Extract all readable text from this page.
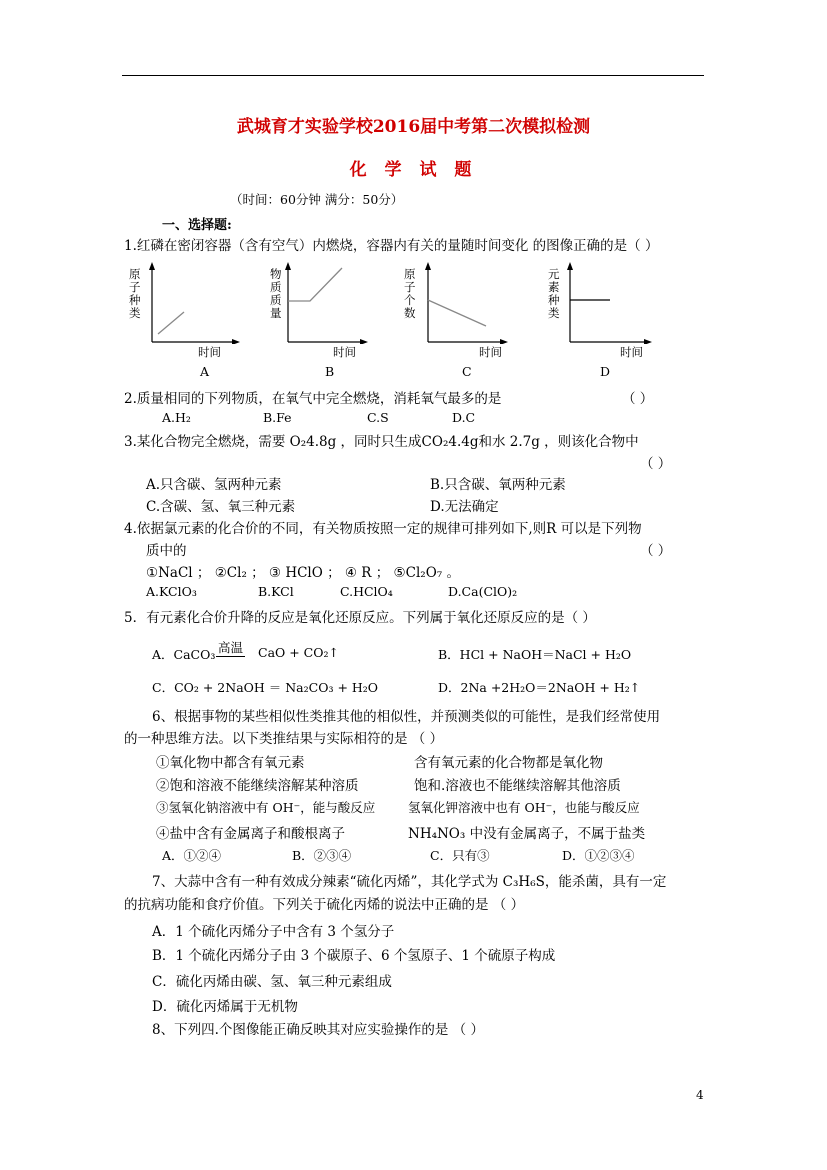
武城育才实验学校2016届中考第二次模拟检测
化 学 试 题
（时间：60分钟 满分：50分）
一、选择题:
1.红磷在密闭容器（含有空气）内燃烧，容器内有关的量随时间变化 的图像正确的是（ ）
原
子
种
类
时间
A
物
质
质
量
时间
B
原
子
个
数
时间
C
元
素
种
类
时间
D
2.质量相同的下列物质，在氧气中完全燃烧，消耗氧气最多的是	（ ）
A.H₂	B.Fe	C.S	D.C
3.某化合物完全燃烧，需要 O₂4.8g ，同时只生成CO₂4.4g和水 2.7g ，则该化合物中
（ ）
A.只含碳、氢两种元素	B.只含碳、氧两种元素
C.含碳、氢、氧三种元素	D.无法确定
4.依据氯元素的化合价的不同，有关物质按照一定的规律可排列如下,则R 可以是下列物
质中的	（ ）
①NaCl ； ②Cl₂ ； ③ HClO ； ④ R ； ⑤Cl₂O₇ 。
A.KClO₃	B.KCl	C.HClO₄	D.Ca(ClO)₂
5．有元素化合价升降的反应是氧化还原反应。下列属于氧化还原反应的是（ ）
A．CaCO₃ 高温 CaO + CO₂↑	B．HCl + NaOH＝NaCl + H₂O
C．CO₂ + 2NaOH ＝ Na₂CO₃ + H₂O	D．2Na +2H₂O＝2NaOH + H₂↑
6、根据事物的某些相似性类推其他的相似性，并预测类似的可能性，是我们经常使用
的一种思维方法。以下类推结果与实际相符的是 （ ）
①氧化物中都含有氧元素	含有氧元素的化合物都是氧化物
②饱和溶液不能继续溶解某种溶质	饱和.溶液也不能继续溶解其他溶质
③氢氧化钠溶液中有 OH⁻，能与酸反应	氢氧化钾溶液中也有 OH⁻，也能与酸反应
④盐中含有金属离子和酸根离子	NH₄NO₃ 中没有金属离子，不属于盐类
A．①②④	B．②③④	C．只有③	D．①②③④
7、大蒜中含有一种有效成分辣素“硫化丙烯”，其化学式为 C₃H₆S，能杀菌，具有一定
的抗病功能和食疗价值。下列关于硫化丙烯的说法中正确的是 （ ）
A．1 个硫化丙烯分子中含有 3 个氢分子
B．1 个硫化丙烯分子由 3 个碳原子、6 个氢原子、1 个硫原子构成
C．硫化丙烯由碳、氢、氧三种元素组成
D．硫化丙烯属于无机物
8、下列四.个图像能正确反映其对应实验操作的是 （ ）
4
